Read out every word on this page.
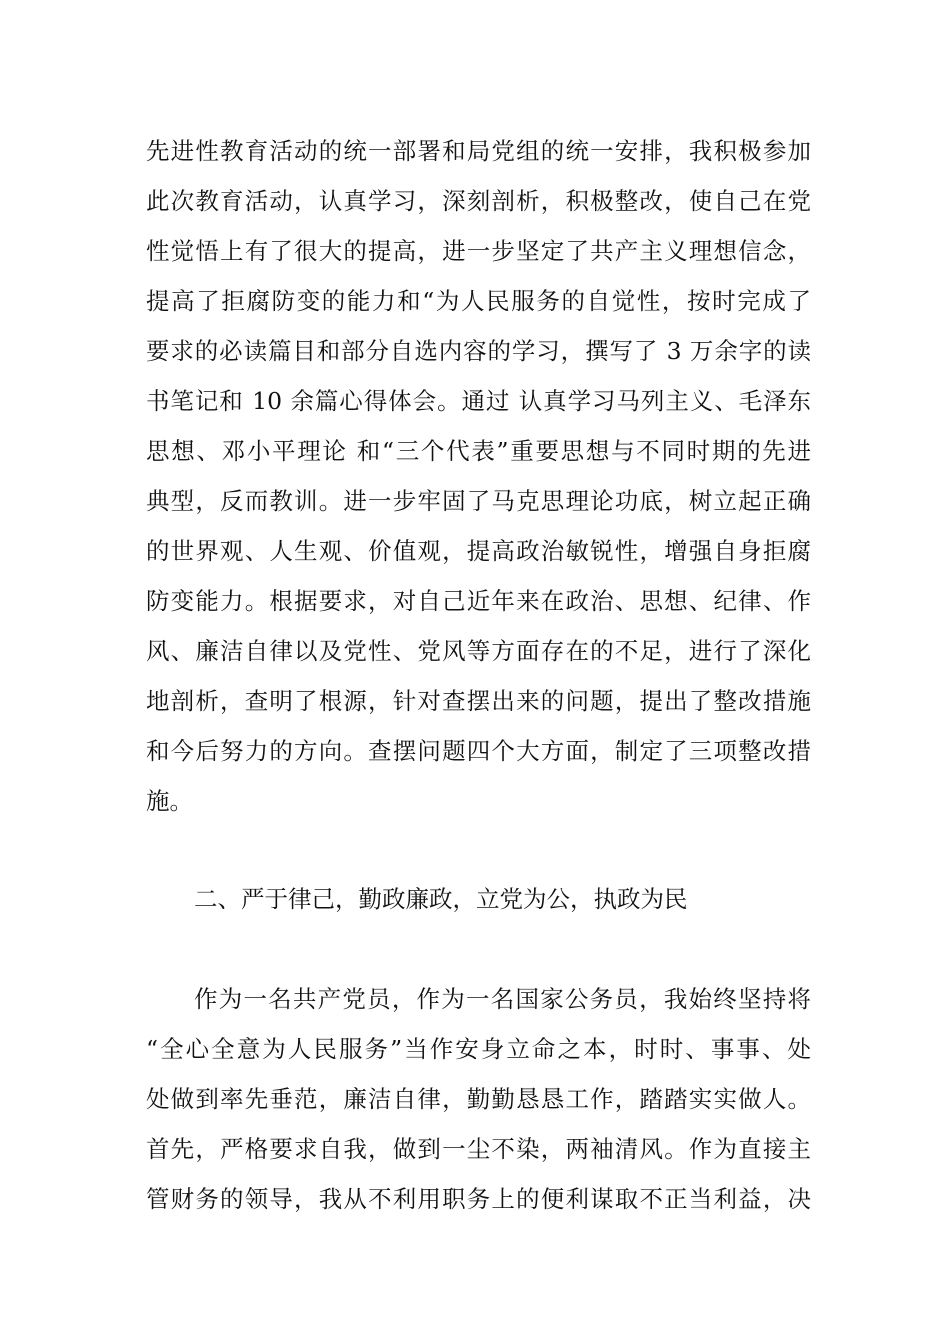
先进性教育活动的统一部署和局党组的统一安排，我积极参加
此次教育活动，认真学习，深刻剖析，积极整改，使自己在党
性觉悟上有了很大的提高，进一步坚定了共产主义理想信念，
提高了拒腐防变的能力和“为人民服务的自觉性，按时完成了
要求的必读篇目和部分自选内容的学习，撰写了 3 万余字的读
书笔记和 10 余篇心得体会。通过 认真学习马列主义、毛泽东
思想、邓小平理论 和“三个代表”重要思想与不同时期的先进
典型，反而教训。进一步牢固了马克思理论功底，树立起正确
的世界观、人生观、价值观，提高政治敏锐性，增强自身拒腐
防变能力。根据要求，对自己近年来在政治、思想、纪律、作
风、廉洁自律以及党性、党风等方面存在的不足，进行了深化
地剖析，查明了根源，针对查摆出来的问题，提出了整改措施
和今后努力的方向。查摆问题四个大方面，制定了三项整改措
施。
二、严于律己，勤政廉政，立党为公，执政为民
作为一名共产党员，作为一名国家公务员，我始终坚持将
“全心全意为人民服务”当作安身立命之本，时时、事事、处
处做到率先垂范，廉洁自律，勤勤恳恳工作，踏踏实实做人。
首先，严格要求自我，做到一尘不染，两袖清风。作为直接主
管财务的领导，我从不利用职务上的便利谋取不正当利益，决
